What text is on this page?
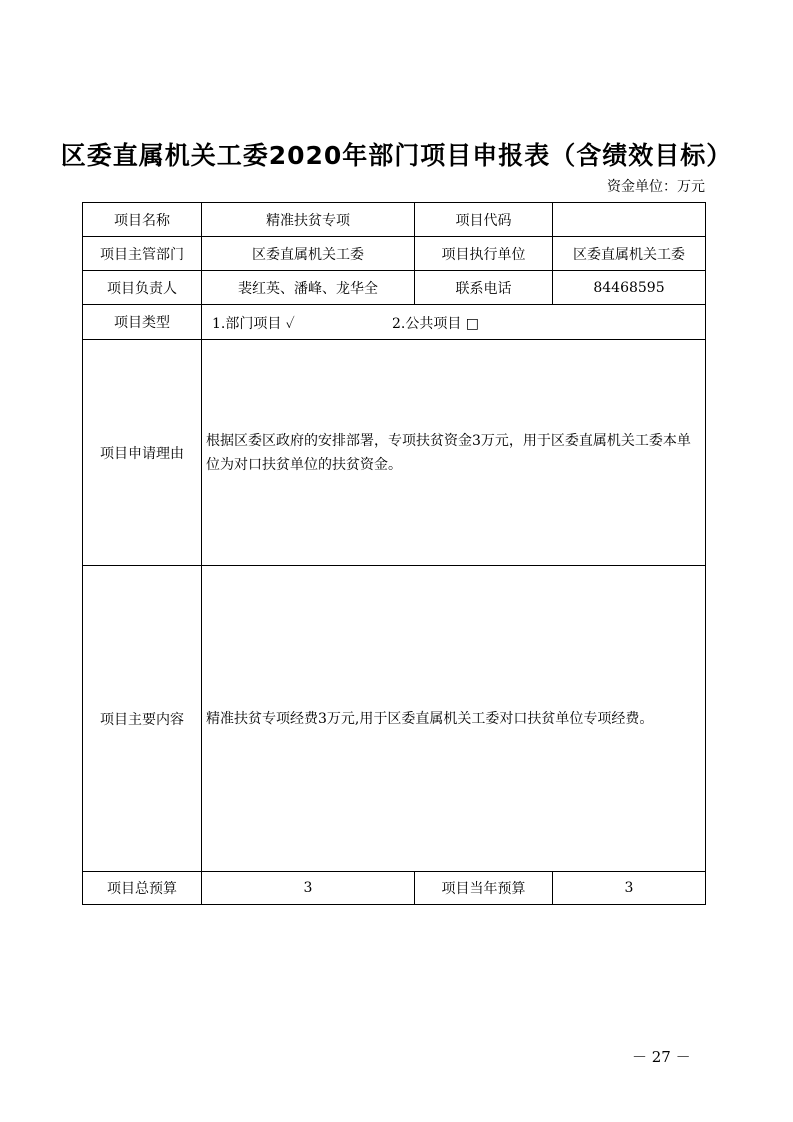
区委直属机关工委2020年部门项目申报表（含绩效目标）
资金单位：万元
项目名称	精准扶贫专项	项目代码	
项目主管部门	区委直属机关工委	项目执行单位	区委直属机关工委
项目负责人	裴红英、潘峰、龙华全	联系电话	84468595
项目类型	1.部门项目 ✓ 2.公共项目 □		

项目申请理由	根据区委区政府的安排部署，专项扶贫资金3万元，用于区委直属机关工委本单位为对口扶贫单位的扶贫资金。		
项目主要内容	精准扶贫专项经费3万元,用于区委直属机关工委对口扶贫单位专项经费。		
项目总预算	3	项目当年预算	3
－ 27 －
